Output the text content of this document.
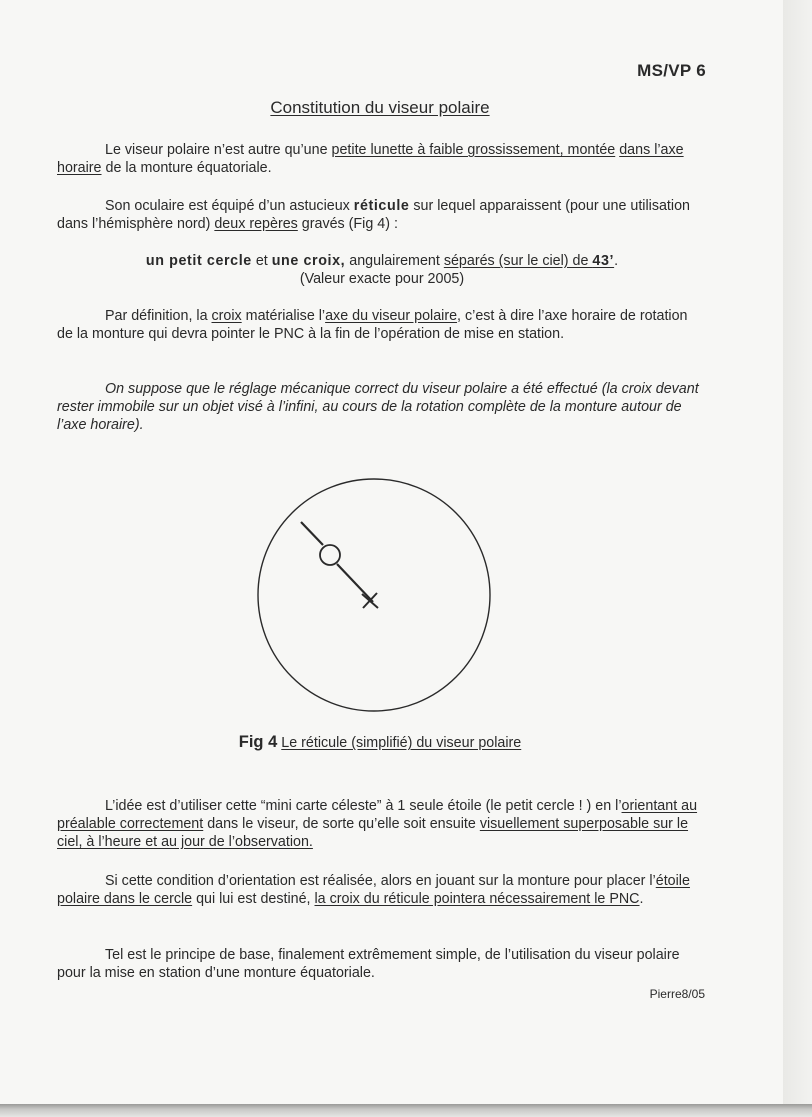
MS/VP 6
Constitution du viseur polaire
Le viseur polaire n’est autre qu’une petite lunette à faible grossissement, montée dans l’axe horaire de la monture équatoriale.
Son oculaire est équipé d’un astucieux réticule sur lequel apparaissent (pour une utilisation dans l’hémisphère nord) deux repères gravés (Fig 4) :
un petit cercle et une croix, angulairement séparés (sur le ciel) de 43’.
(Valeur exacte pour 2005)
Par définition, la croix matérialise l’axe du viseur polaire, c’est à dire l’axe horaire de rotation de la monture qui devra pointer le PNC à la fin de l’opération de mise en station.
On suppose que le réglage mécanique correct du viseur polaire a été effectué (la croix devant rester immobile sur un objet visé à l’infini, au cours de la rotation complète de la monture autour de l’axe horaire).
Fig 4 Le réticule (simplifié) du viseur polaire
L’idée est d’utiliser cette “mini carte céleste” à 1 seule étoile (le petit cercle ! ) en l’orientant au préalable correctement dans le viseur, de sorte qu’elle soit ensuite visuellement superposable sur le ciel, à l’heure et au jour de l’observation.
Si cette condition d’orientation est réalisée, alors en jouant sur la monture pour placer l’étoile polaire dans le cercle qui lui est destiné, la croix du réticule pointera nécessairement le PNC.
Tel est le principe de base, finalement extrêmement simple, de l’utilisation du viseur polaire pour la mise en station d’une monture équatoriale.
Pierre8/05
